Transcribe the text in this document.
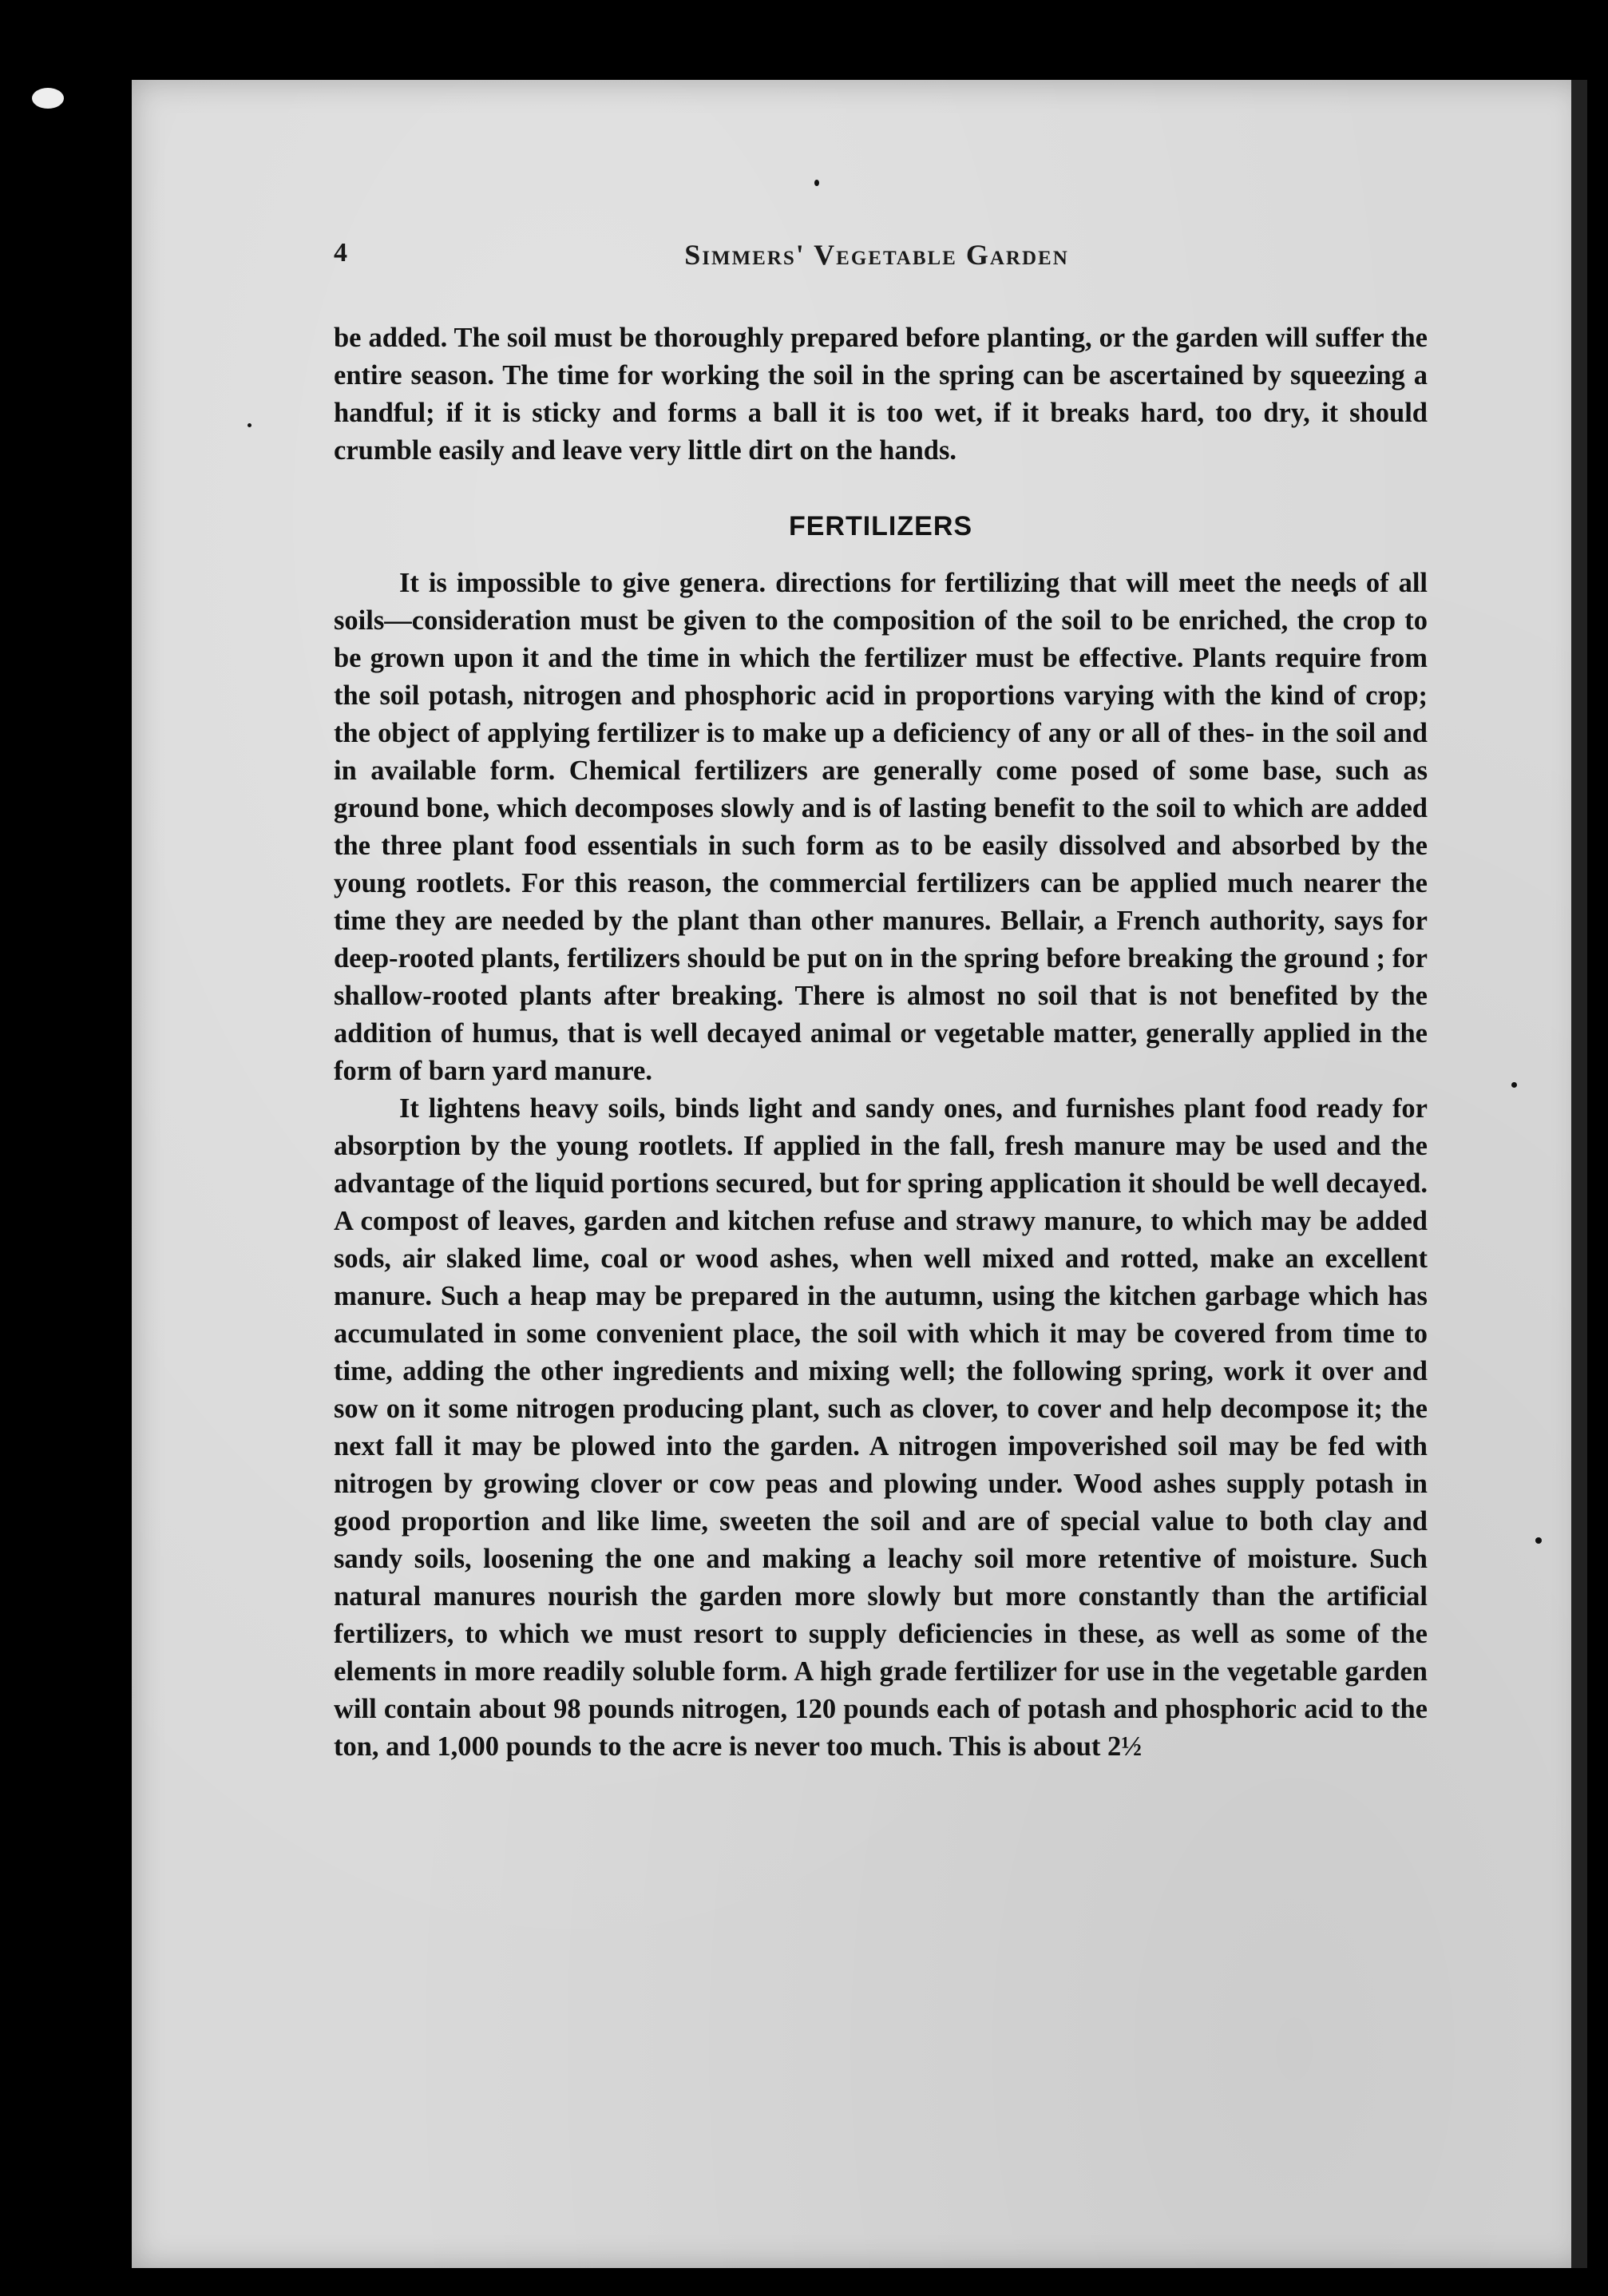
4	Simmers' Vegetable Garden

be added. The soil must be thoroughly prepared before planting, or the garden will suffer the entire season. The time for working the soil in the spring can be ascertained by squeezing a handful; if it is sticky and forms a ball it is too wet, if it breaks hard, too dry, it should crumble easily and leave very little dirt on the hands.

FERTILIZERS

It is impossible to give genera. directions for fertilizing that will meet the needs of all soils—consideration must be given to the composition of the soil to be enriched, the crop to be grown upon it and the time in which the fertilizer must be effective. Plants require from the soil potash, nitrogen and phosphoric acid in proportions varying with the kind of crop; the object of applying fertilizer is to make up a deficiency of any or all of thes- in the soil and in available form. Chemical fertilizers are generally come posed of some base, such as ground bone, which decomposes slowly and is of lasting benefit to the soil to which are added the three plant food essentials in such form as to be easily dissolved and absorbed by the young rootlets. For this reason, the commercial fertilizers can be applied much nearer the time they are needed by the plant than other manures. Bellair, a French authority, says for deep-rooted plants, fertilizers should be put on in the spring before breaking the ground ; for shallow-rooted plants after breaking. There is almost no soil that is not benefited by the addition of humus, that is well decayed animal or vegetable matter, generally applied in the form of barn yard manure.

It lightens heavy soils, binds light and sandy ones, and furnishes plant food ready for absorption by the young rootlets. If applied in the fall, fresh manure may be used and the advantage of the liquid portions secured, but for spring application it should be well decayed. A compost of leaves, garden and kitchen refuse and strawy manure, to which may be added sods, air slaked lime, coal or wood ashes, when well mixed and rotted, make an excellent manure. Such a heap may be prepared in the autumn, using the kitchen garbage which has accumulated in some convenient place, the soil with which it may be covered from time to time, adding the other ingredients and mixing well; the following spring, work it over and sow on it some nitrogen producing plant, such as clover, to cover and help decompose it; the next fall it may be plowed into the garden. A nitrogen impoverished soil may be fed with nitrogen by growing clover or cow peas and plowing under. Wood ashes supply potash in good proportion and like lime, sweeten the soil and are of special value to both clay and sandy soils, loosening the one and making a leachy soil more retentive of moisture. Such natural manures nourish the garden more slowly but more constantly than the artificial fertilizers, to which we must resort to supply deficiencies in these, as well as some of the elements in more readily soluble form. A high grade fertilizer for use in the vegetable garden will contain about 98 pounds nitrogen, 120 pounds each of potash and phosphoric acid to the ton, and 1,000 pounds to the acre is never too much. This is about 2½
